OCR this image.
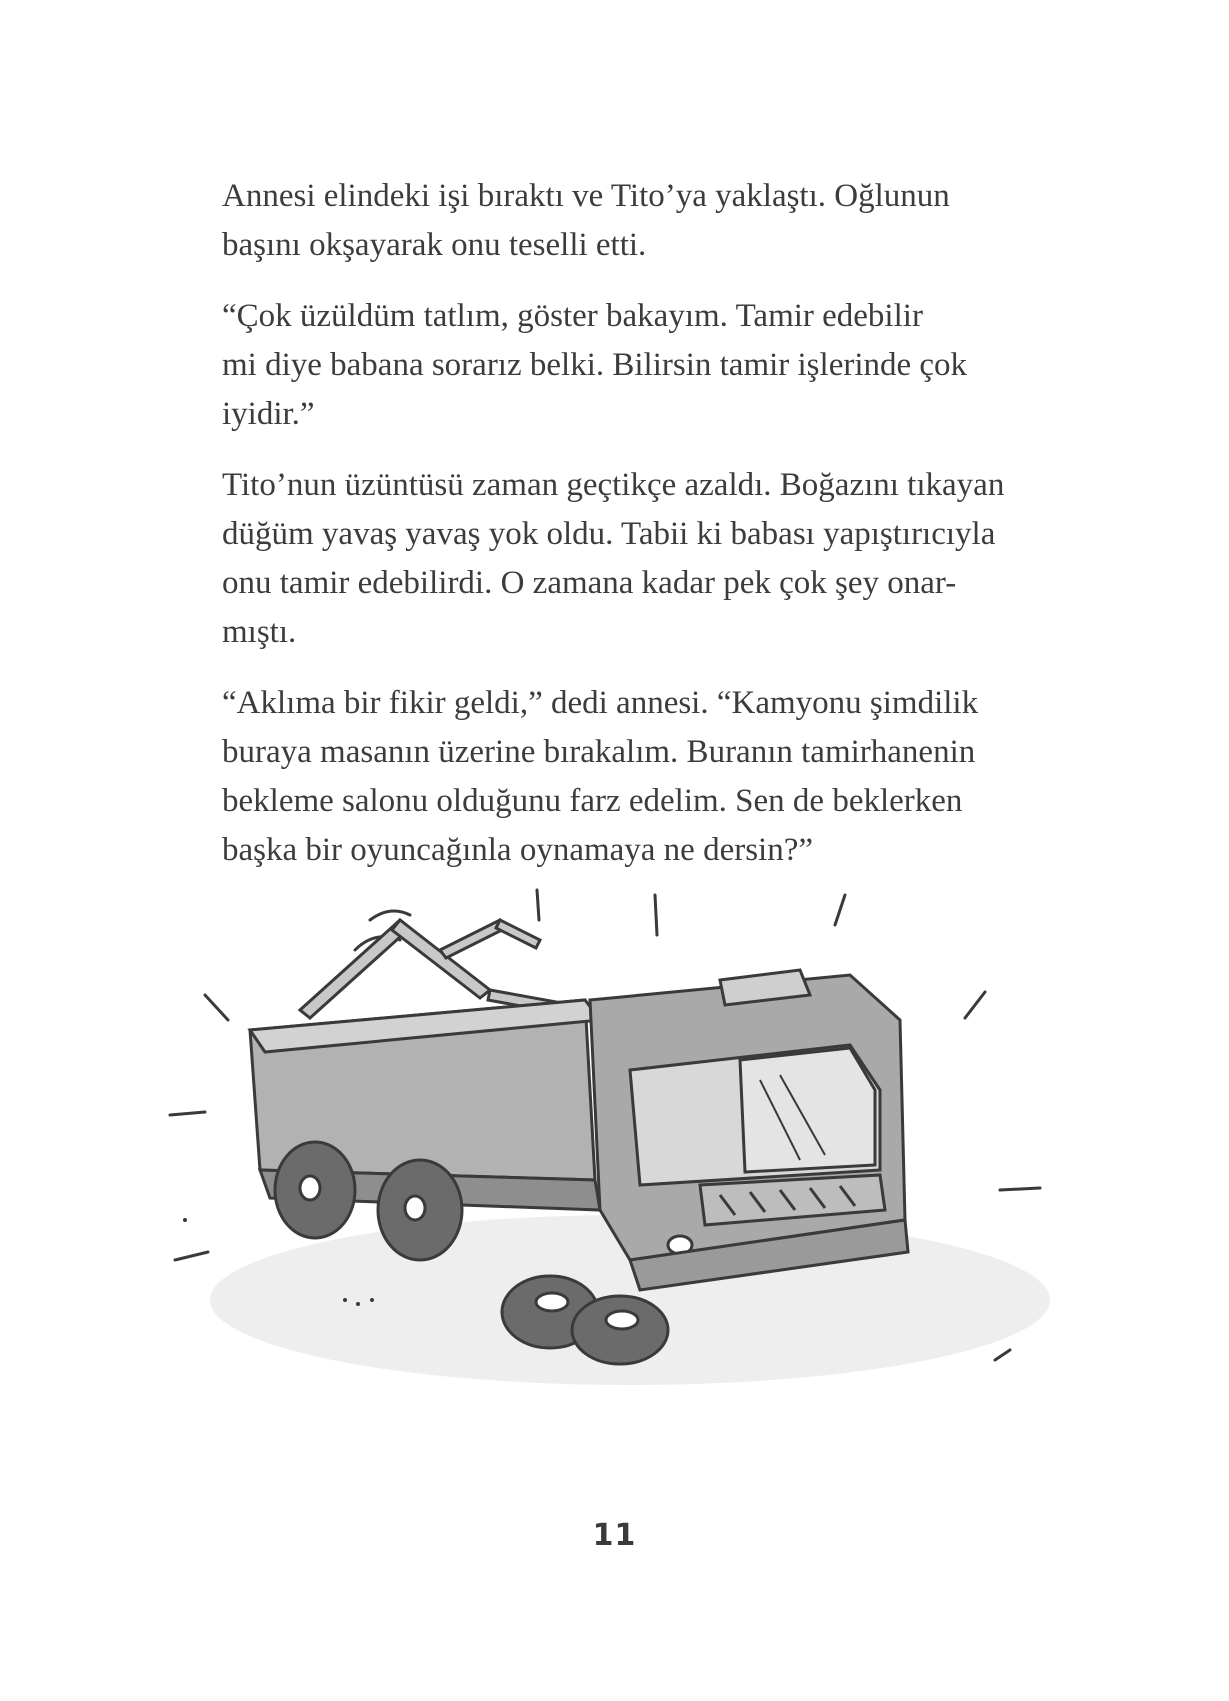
Annesi elindeki işi bıraktı ve Tito’ya yaklaştı. Oğlunun
başını okşayarak onu teselli etti.

“Çok üzüldüm tatlım, göster bakayım. Tamir edebilir
mi diye babana sorarız belki. Bilirsin tamir işlerinde çok
iyidir.”

Tito’nun üzüntüsü zaman geçtikçe azaldı. Boğazını tıkayan
düğüm yavaş yavaş yok oldu. Tabii ki babası yapıştırıcıyla
onu tamir edebilirdi. O zamana kadar pek çok şey onar-
mıştı.

“Aklıma bir fikir geldi,” dedi annesi. “Kamyonu şimdilik
buraya masanın üzerine bırakalım. Buranın tamirhanenin
bekleme salonu olduğunu farz edelim. Sen de beklerken
başka bir oyuncağınla oynamaya ne dersin?”

11
